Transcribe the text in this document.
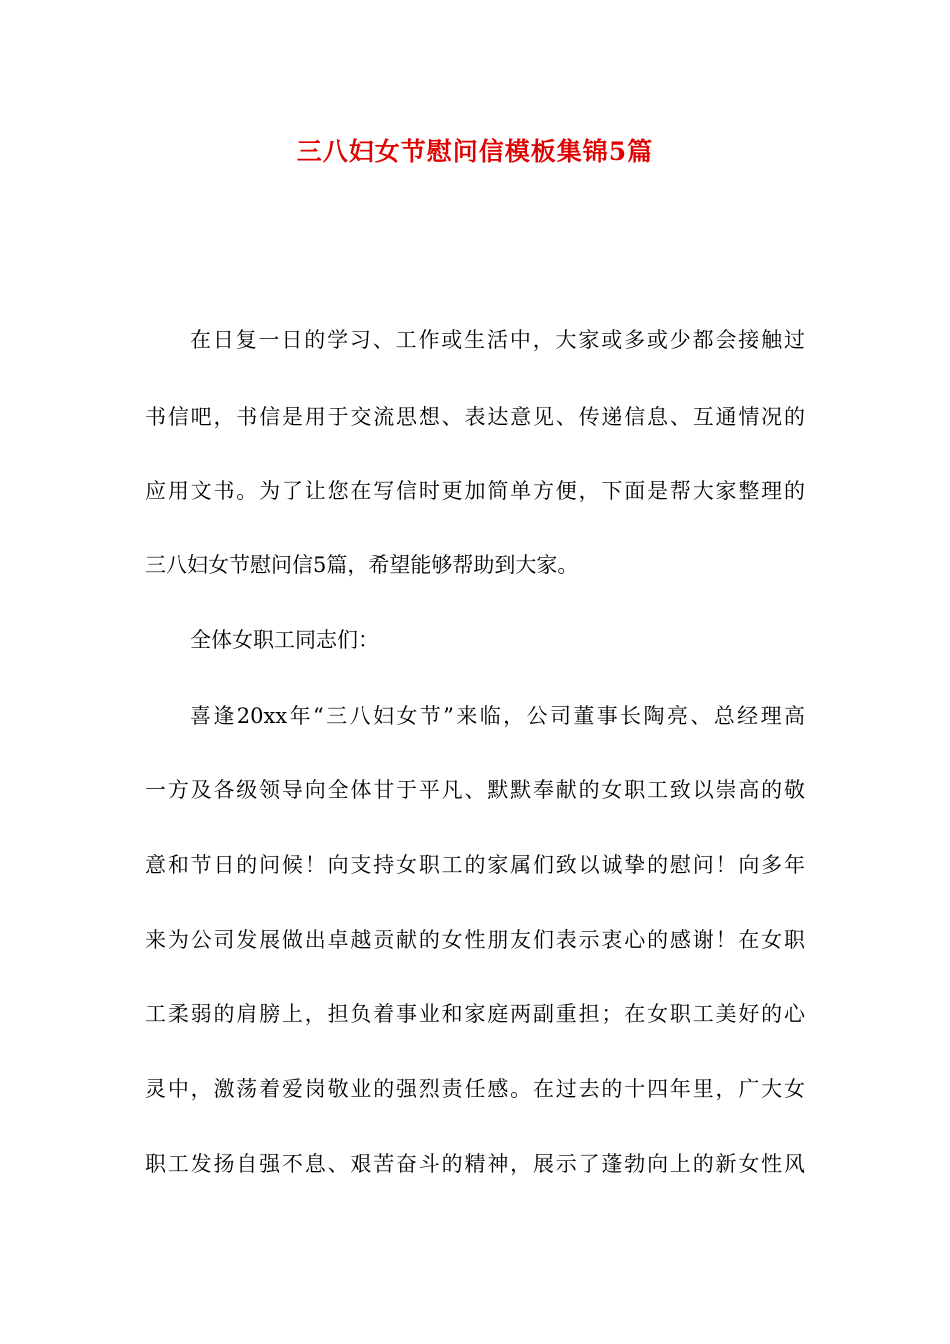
三八妇女节慰问信模板集锦5篇

在日复一日的学习、工作或生活中，大家或多或少都会接触过

书信吧，书信是用于交流思想、表达意见、传递信息、互通情况的

应用文书。为了让您在写信时更加简单方便，下面是帮大家整理的

三八妇女节慰问信5篇，希望能够帮助到大家。

全体女职工同志们：

喜逢20xx年“三八妇女节”来临，公司董事长陶亮、总经理高

一方及各级领导向全体甘于平凡、默默奉献的女职工致以崇高的敬

意和节日的问候！向支持女职工的家属们致以诚挚的慰问！向多年

来为公司发展做出卓越贡献的女性朋友们表示衷心的感谢！在女职

工柔弱的肩膀上，担负着事业和家庭两副重担；在女职工美好的心

灵中，激荡着爱岗敬业的强烈责任感。在过去的十四年里，广大女

职工发扬自强不息、艰苦奋斗的精神，展示了蓬勃向上的新女性风
